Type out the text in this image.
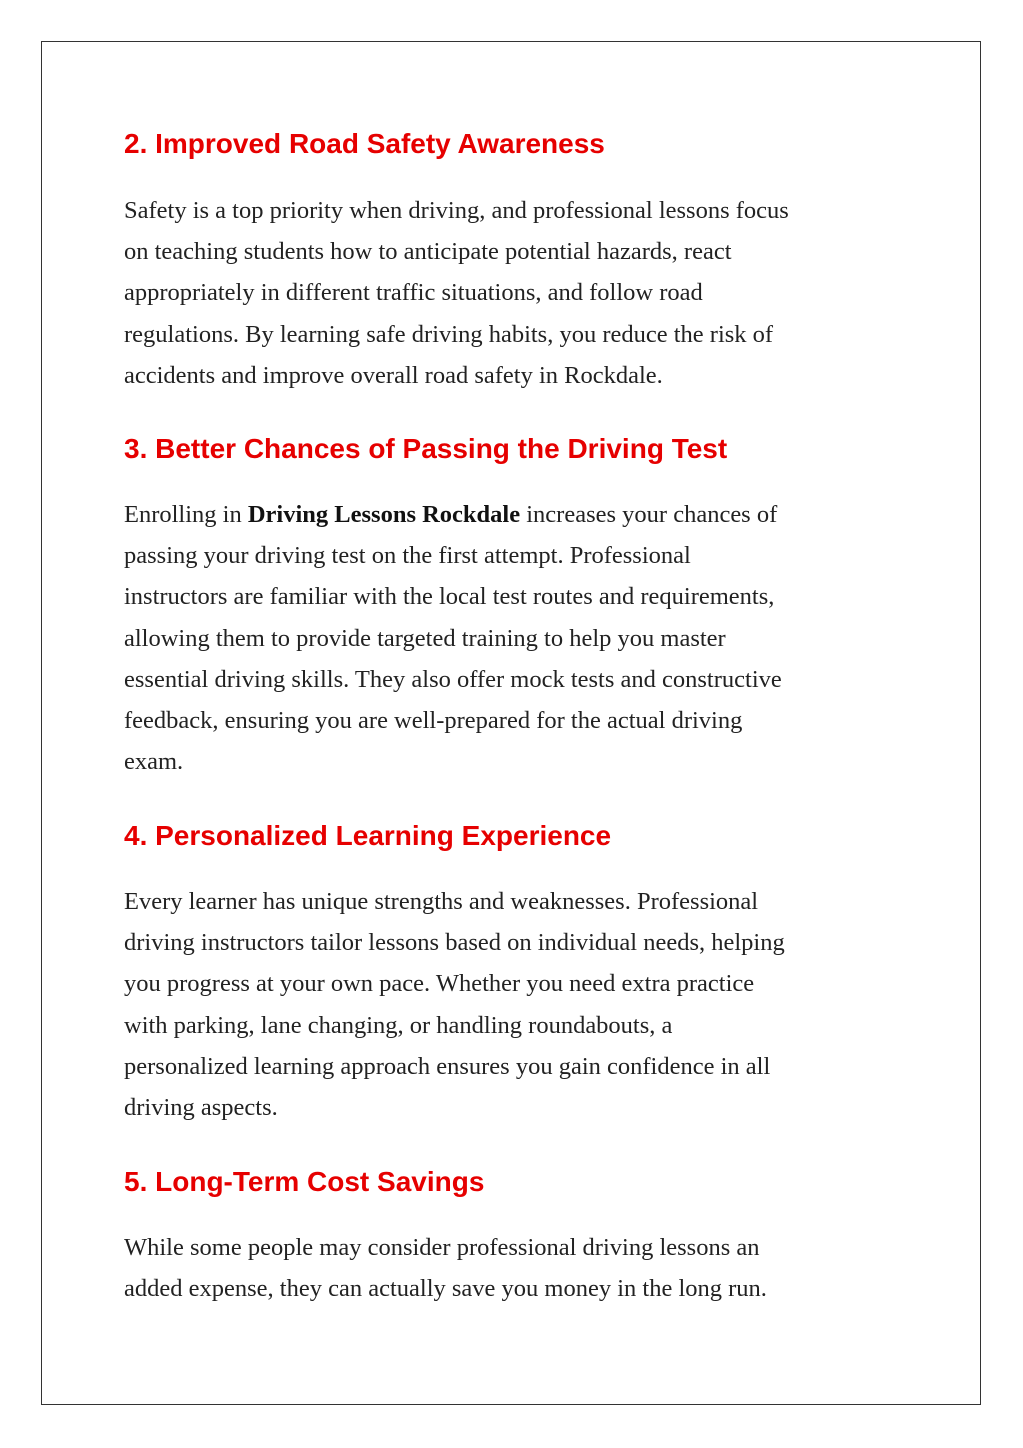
2. Improved Road Safety Awareness

Safety is a top priority when driving, and professional lessons focus
on teaching students how to anticipate potential hazards, react
appropriately in different traffic situations, and follow road
regulations. By learning safe driving habits, you reduce the risk of
accidents and improve overall road safety in Rockdale.

3. Better Chances of Passing the Driving Test

Enrolling in Driving Lessons Rockdale increases your chances of
passing your driving test on the first attempt. Professional
instructors are familiar with the local test routes and requirements,
allowing them to provide targeted training to help you master
essential driving skills. They also offer mock tests and constructive
feedback, ensuring you are well-prepared for the actual driving
exam.

4. Personalized Learning Experience

Every learner has unique strengths and weaknesses. Professional
driving instructors tailor lessons based on individual needs, helping
you progress at your own pace. Whether you need extra practice
with parking, lane changing, or handling roundabouts, a
personalized learning approach ensures you gain confidence in all
driving aspects.

5. Long-Term Cost Savings

While some people may consider professional driving lessons an
added expense, they can actually save you money in the long run.
